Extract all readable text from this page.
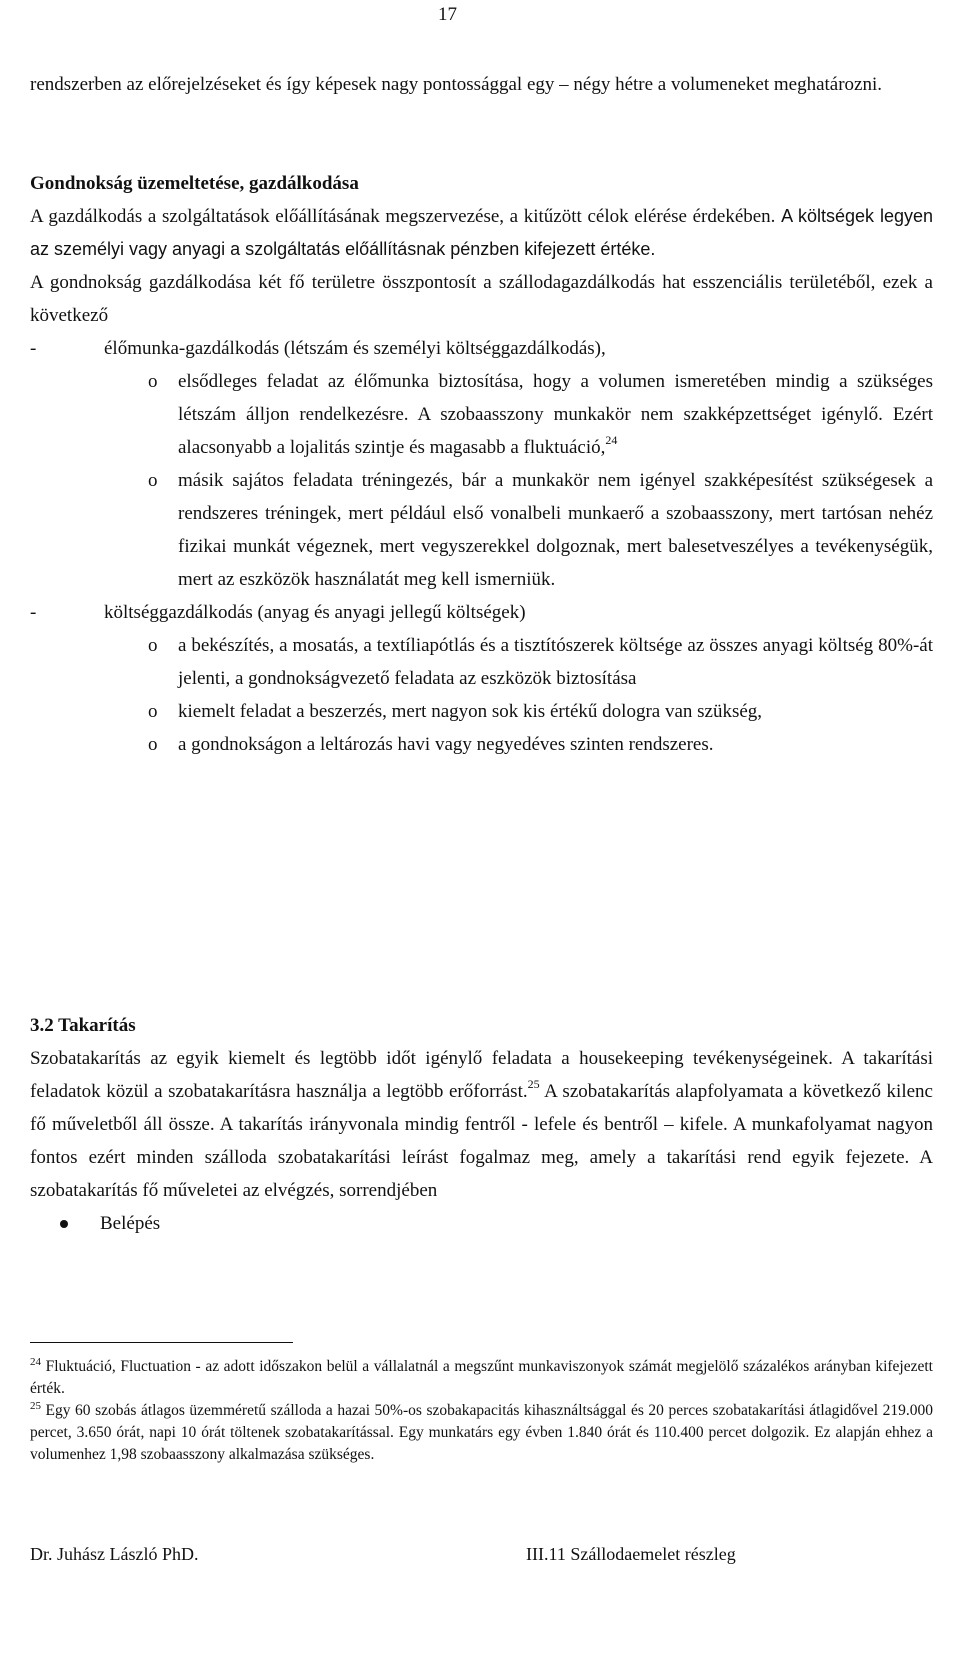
17
rendszerben az előrejelzéseket és így képesek nagy pontossággal egy – négy hétre a volumeneket meghatározni.
Gondnokság üzemeltetése, gazdálkodása

A gazdálkodás a szolgáltatások előállításának megszervezése, a kitűzött célok elérése érdekében. A költségek legyen az személyi vagy anyagi a szolgáltatás előállításnak pénzben kifejezett értéke.

A gondnokság gazdálkodása két fő területre összpontosít a szállodagazdálkodás hat esszenciális területéből, ezek a következő

-	élőmunka-gazdálkodás (létszám és személyi költséggazdálkodás),
o	elsődleges feladat az élőmunka biztosítása, hogy a volumen ismeretében mindig a szükséges létszám álljon rendelkezésre. A szobaasszony munkakör nem szakképzettséget igénylő. Ezért alacsonyabb a lojalitás szintje és magasabb a fluktuáció,$^{24}$
o	másik sajátos feladata tréningezés, bár a munkakör nem igényel szakképesítést szükségesek a rendszeres tréningek, mert például első vonalbeli munkaerő a szobaasszony, mert tartósan nehéz fizikai munkát végeznek, mert vegyszerekkel dolgoznak, mert balesetveszélyes a tevékenységük, mert az eszközök használatát meg kell ismerniük.
-	költséggazdálkodás (anyag és anyagi jellegű költségek)
o	a bekészítés, a mosatás, a textíliapótlás és a tisztítószerek költsége az összes anyagi költség 80%-át jelenti, a gondnokságvezető feladata az eszközök biztosítása
o	kiemelt feladat a beszerzés, mert nagyon sok kis értékű dologra van szükség,
o	a gondnokságon a leltározás havi vagy negyedéves szinten rendszeres.
3.2 Takarítás

Szobatakarítás az egyik kiemelt és legtöbb időt igénylő feladata a housekeeping tevékenységeinek. A takarítási feladatok közül a szobatakarításra használja a legtöbb erőforrást.$^{25}$ A szobatakarítás alapfolyamata a következő kilenc fő műveletből áll össze. A takarítás irányvonala mindig fentről - lefele és bentről – kifele. A munkafolyamat nagyon fontos ezért minden szálloda szobatakarítási leírást fogalmaz meg, amely a takarítási rend egyik fejezete. A szobatakarítás fő műveletei az elvégzés, sorrendjében

Belépés
$^{24}$ Fluktuáció, Fluctuation - az adott időszakon belül a vállalatnál a megszűnt munkaviszonyok számát megjelölő százalékos arányban kifejezett érték.
$^{25}$ Egy 60 szobás átlagos üzemméretű szálloda a hazai 50%-os szobakapacitás kihasználtsággal és 20 perces szobatakarítási átlagidővel 219.000 percet, 3.650 órát, napi 10 órát töltenek szobatakarítással. Egy munkatárs egy évben 1.840 órát és 110.400 percet dolgozik. Ez alapján ehhez a volumenhez 1,98 szobaasszony alkalmazása szükséges.
Dr. Juhász László PhD.	III.11 Szállodaemelet részleg
